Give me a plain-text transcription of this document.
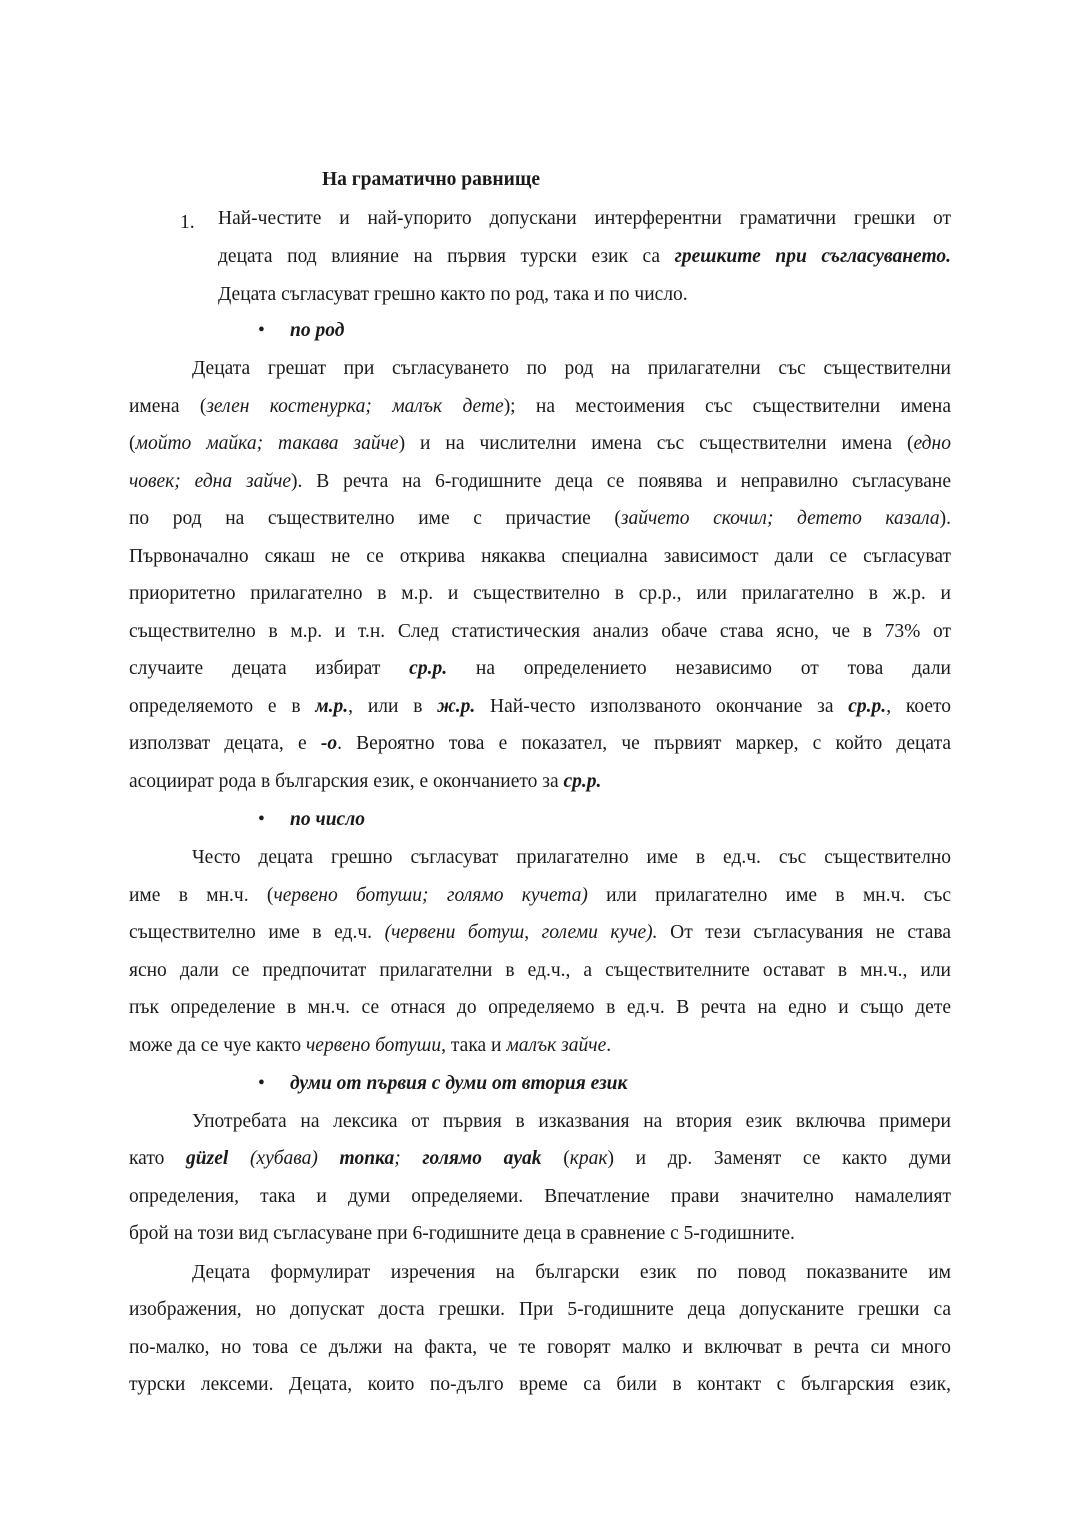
На граматично равнище
1. Най-честите и най-упорито допускани интерферентни граматични грешки от
децата под влияние на първия турски език са грешките при съгласуването.
Децата съгласуват грешно както по род, така и по число.
• по род
Децата грешат при съгласуването по род на прилагателни със съществителни
имена (зелен костенурка; малък дете); на местоимения със съществителни имена
(мойто майка; такава зайче) и на числителни имена със съществителни имена (едно
човек; една зайче). В речта на 6-годишните деца се появява и неправилно съгласуване
по род на съществително име с причастие (зайчето скочил; детето казала).
Първоначално сякаш не се открива някаква специална зависимост дали се съгласуват
приоритетно прилагателно в м.р. и съществително в ср.р., или прилагателно в ж.р. и
съществително в м.р. и т.н. След статистическия анализ обаче става ясно, че в 73% от
случаите децата избират ср.р. на определението независимо от това дали
определяемото е в м.р., или в ж.р. Най-често използваното окончание за ср.р., което
използват децата, е -о. Вероятно това е показател, че първият маркер, с който децата
асоциират рода в българския език, е окончанието за ср.р.
• по число
Често децата грешно съгласуват прилагателно име в ед.ч. със съществително
име в мн.ч. (червено ботуши; голямо кучета) или прилагателно име в мн.ч. със
съществително име в ед.ч. (червени ботуш, големи куче). От тези съгласувания не става
ясно дали се предпочитат прилагателни в ед.ч., а съществителните остават в мн.ч., или
пък определение в мн.ч. се отнася до определяемо в ед.ч. В речта на едно и също дете
може да се чуе както червено ботуши, така и малък зайче.
• думи от първия с думи от втория език
Употребата на лексика от първия в изказвания на втория език включва примери
като güzel (хубава) топка; голямо ayak (крак) и др. Заменят се както думи
определения, така и думи определяеми. Впечатление прави значително намалелият
брой на този вид съгласуване при 6-годишните деца в сравнение с 5-годишните.
Децата формулират изречения на български език по повод показваните им
изображения, но допускат доста грешки. При 5-годишните деца допусканите грешки са
по-малко, но това се дължи на факта, че те говорят малко и включват в речта си много
турски лексеми. Децата, които по-дълго време са били в контакт с българския език,
